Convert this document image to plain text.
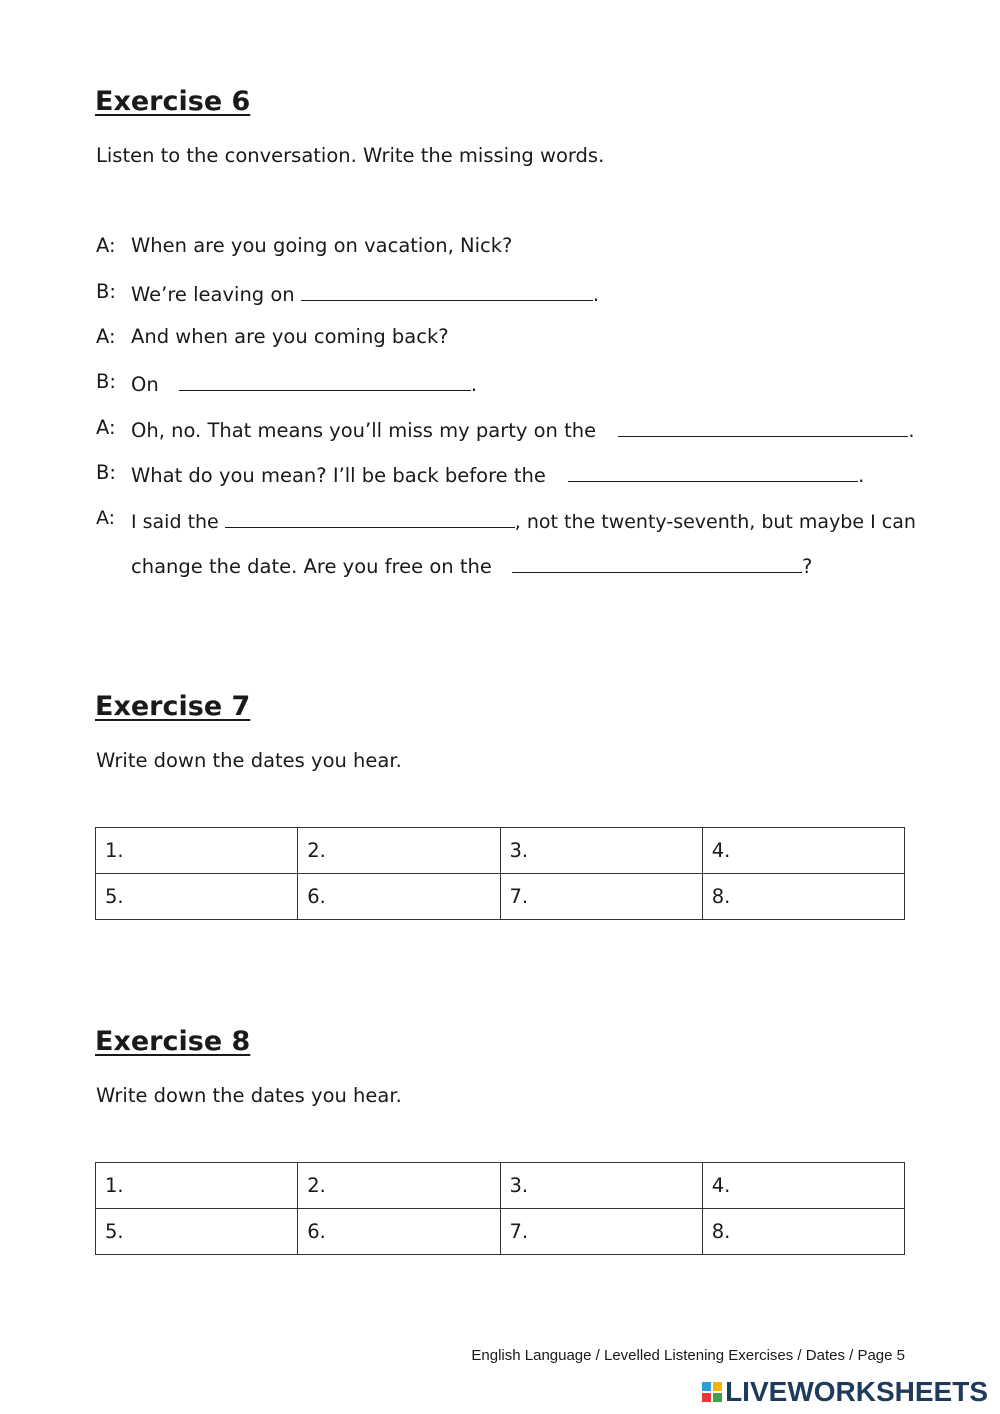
Exercise 6
Listen to the conversation. Write the missing words.
A: When are you going on vacation, Nick?
B: We’re leaving on	.
A: And when are you coming back?
B: On	.
A: Oh, no. That means you’ll miss my party on the	.
B: What do you mean? I’ll be back before the	.
A: I said the	, not the twenty-seventh, but maybe I can
change the date. Are you free on the	?
Exercise 7
Write down the dates you hear.
1.	2.	3.	4.
5.	6.	7.	8.
Exercise 8
Write down the dates you hear.
1.	2.	3.	4.
5.	6.	7.	8.
English Language / Levelled Listening Exercises / Dates / Page 5
LIVEWORKSHEETS
